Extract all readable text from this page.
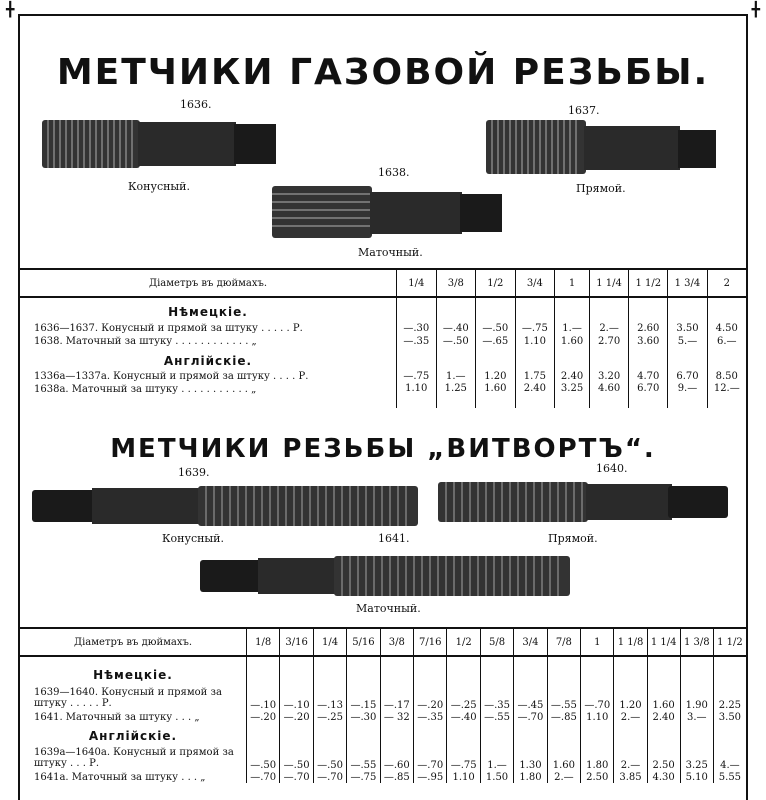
╋	╋
МЕТЧИКИ ГАЗОВОЙ РЕЗЬБЫ.
1636.
Конусный.
1637.
Прямой.
1638.
Маточный.
Діаметръ въ дюймахъ.	1/4	3/8	1/2	3/4	1	1 1/4	1 1/2	1 3/4	2
Нѣмецкіе.									
1636—1637. Конусный и прямой за штуку . . . . . Р.	—.30	—.40	—.50	—.75	1.—	2.—	2.60	3.50	4.50
1638. Маточный за штуку . . . . . . . . . . . . „	—.35	—.50	—.65	1.10	1.60	2.70	3.60	5.—	6.—
Англійскіе.									
1336а—1337а. Конусный и прямой за штуку . . . . Р.	—.75	1.—	1.20	1.75	2.40	3.20	4.70	6.70	8.50
1638а. Маточный за штуку . . . . . . . . . . . „	1.10	1.25	1.60	2.40	3.25	4.60	6.70	9.—	12.—
МЕТЧИКИ РЕЗЬБЫ „ВИТВОРТЪ“.
1639.
Конусный.
1640.
Прямой.
1641.
Маточный.
Діаметръ въ дюймахъ.	1/8	3/16	1/4	5/16	3/8	7/16	1/2	5/8	3/4	7/8	1	1 1/8	1 1/4	1 3/8	1 1/2
Нѣмецкіе.															
1639—1640. Конусный и прямой за штуку . . . . . Р.	—.10	—.10	—.13	—.15	—.17	—.20	—.25	—.35	—.45	—.55	—.70	1.20	1.60	1.90	2.25
1641. Маточный за штуку . . . „	—.20	—.20	—.25	—.30	— 32	—.35	—.40	—.55	—.70	—.85	1.10	2.—	2.40	3.—	3.50
Англійскіе.															
1639а—1640а. Конусный и прямой за штуку . . . Р.	—.50	—.50	—.50	—.55	—.60	—.70	—.75	1.—	1.30	1.60	1.80	2.—	2.50	3.25	4.—
1641а. Маточный за штуку . . . „	—.70	—.70	—.70	—.75	—.85	—.95	1.10	1.50	1.80	2.—	2.50	3.85	4.30	5.10	5.55
